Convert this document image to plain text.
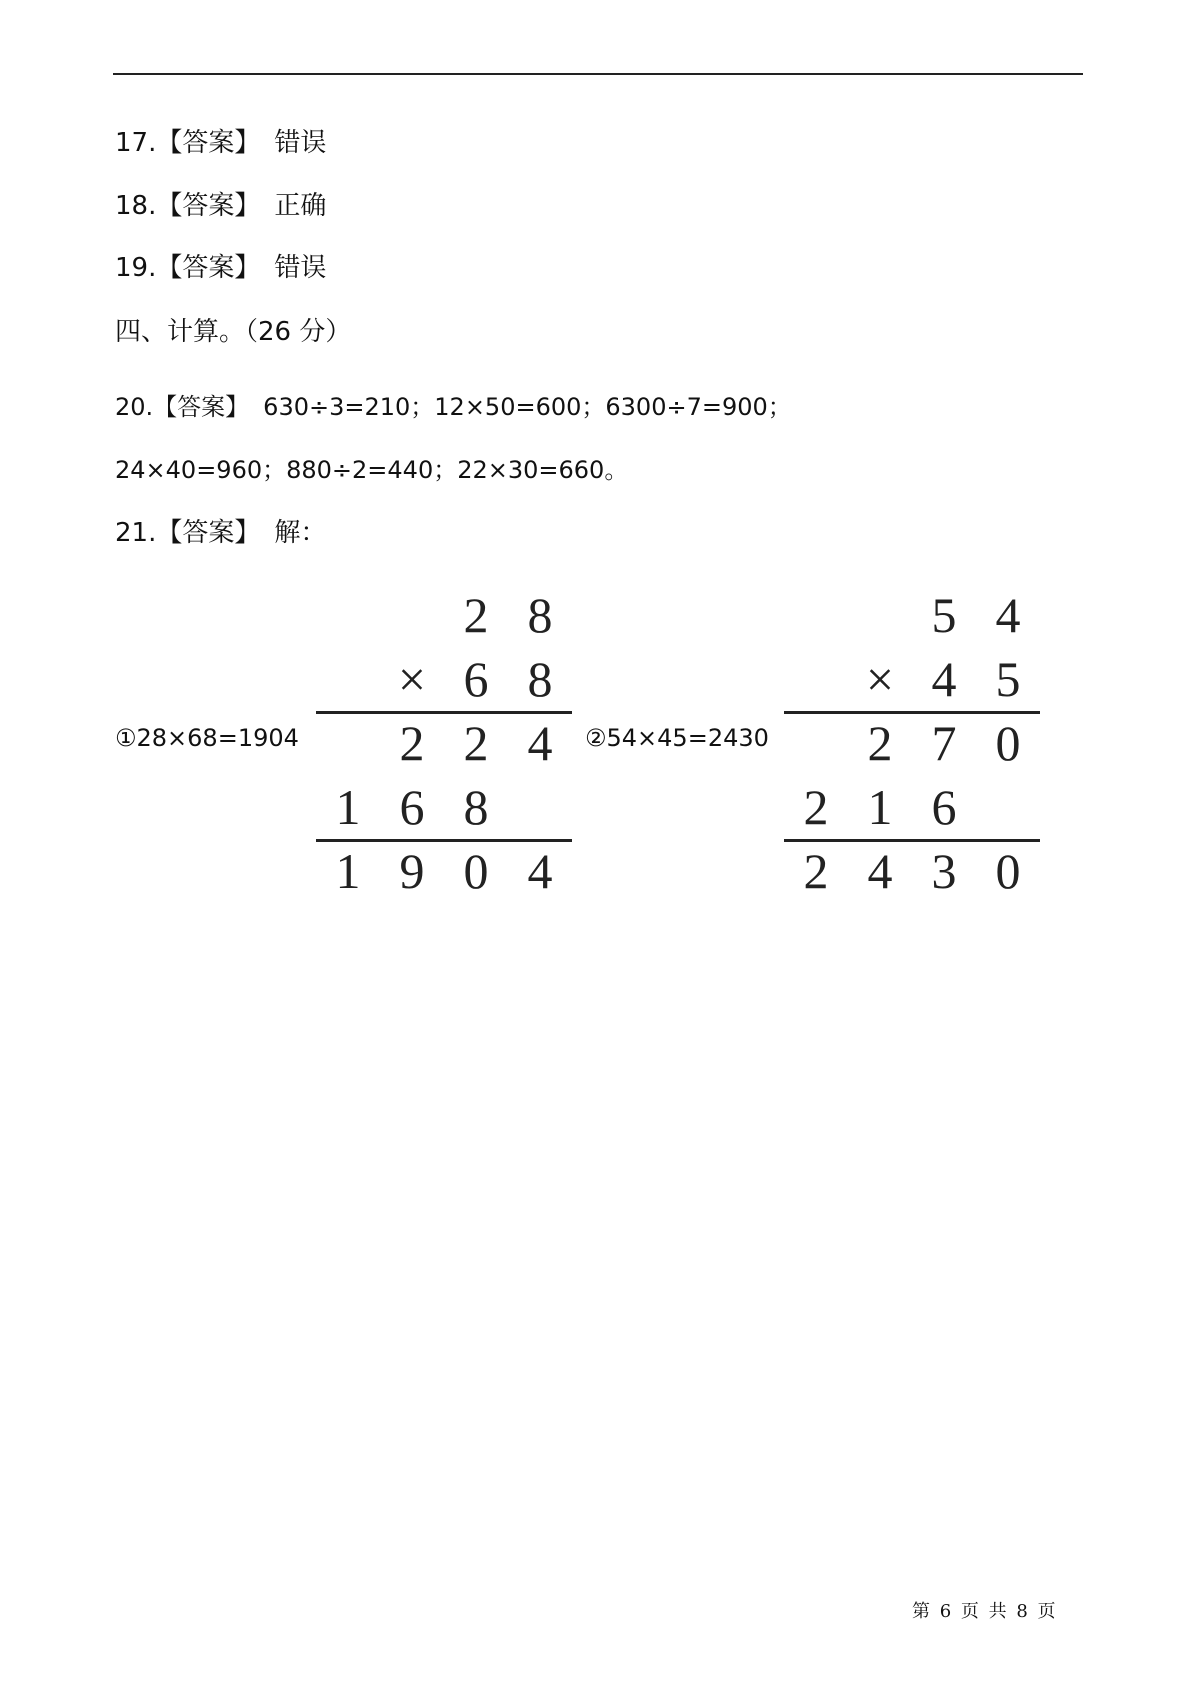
17.【答案】 错误
18.【答案】 正确
19.【答案】 错误
四、计算。（26 分）
20.【答案】 630÷3=210；12×50=600；6300÷7=900；
24×40=960；880÷2=440；22×30=660。
21.【答案】 解：
①28×68=1904
2 8
× 6 8
2 2 4
1 6 8
1 9 0 4
②54×45=2430
5 4
× 4 5
2 7 0
2 1 6
2 4 3 0
第 6 页 共 8 页
